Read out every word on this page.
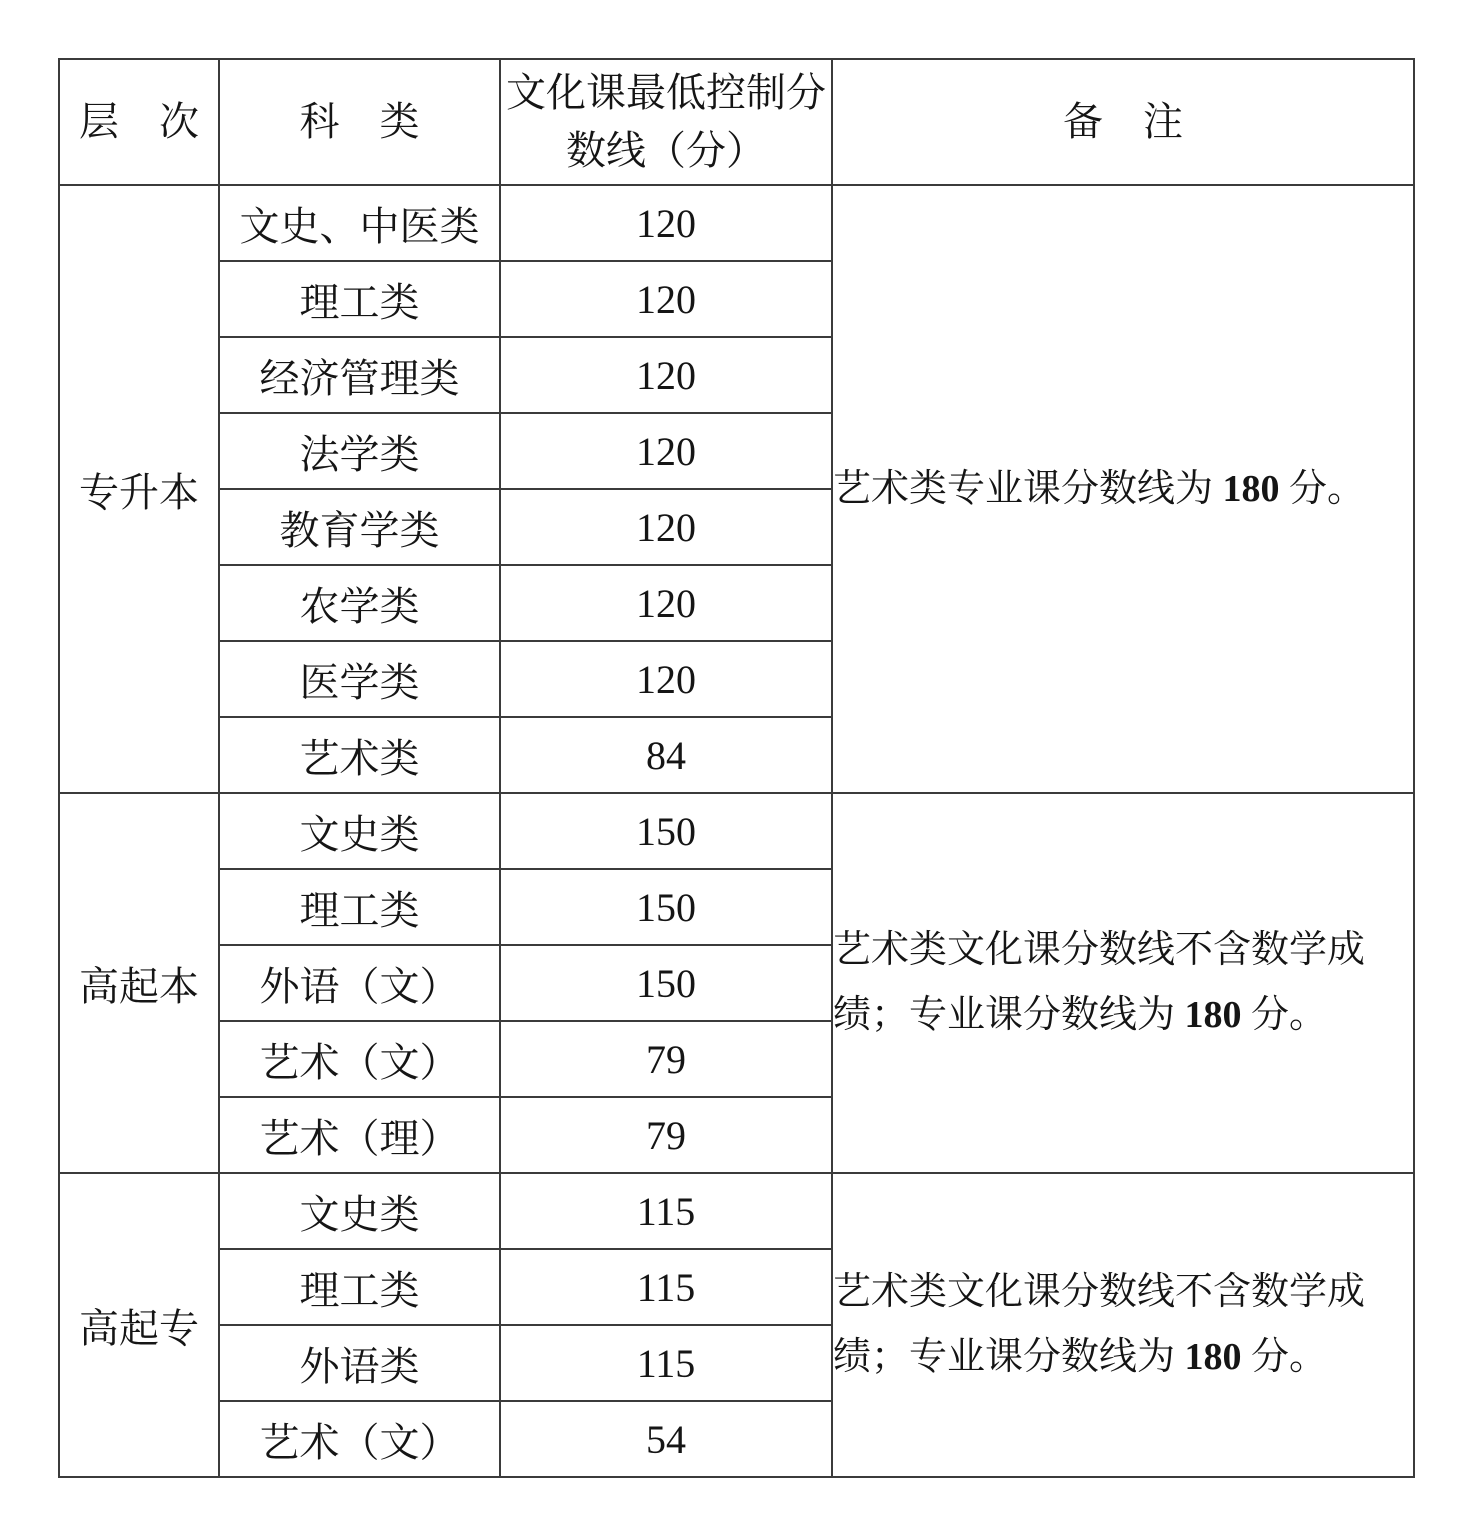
层　次	科　类	文化课最低控制分数线（分）	备　注
专升本	文史、中医类	120	艺术类专业课分数线为 180 分。
	理工类	120	
	经济管理类	120	
	法学类	120	
	教育学类	120	
	农学类	120	
	医学类	120	
	艺术类	84	
高起本	文史类	150	艺术类文化课分数线不含数学成绩；专业课分数线为 180 分。
	理工类	150	
	外语（文）	150	
	艺术（文）	79	
	艺术（理）	79	
高起专	文史类	115	艺术类文化课分数线不含数学成绩；专业课分数线为 180 分。
	理工类	115	
	外语类	115	
	艺术（文）	54	
